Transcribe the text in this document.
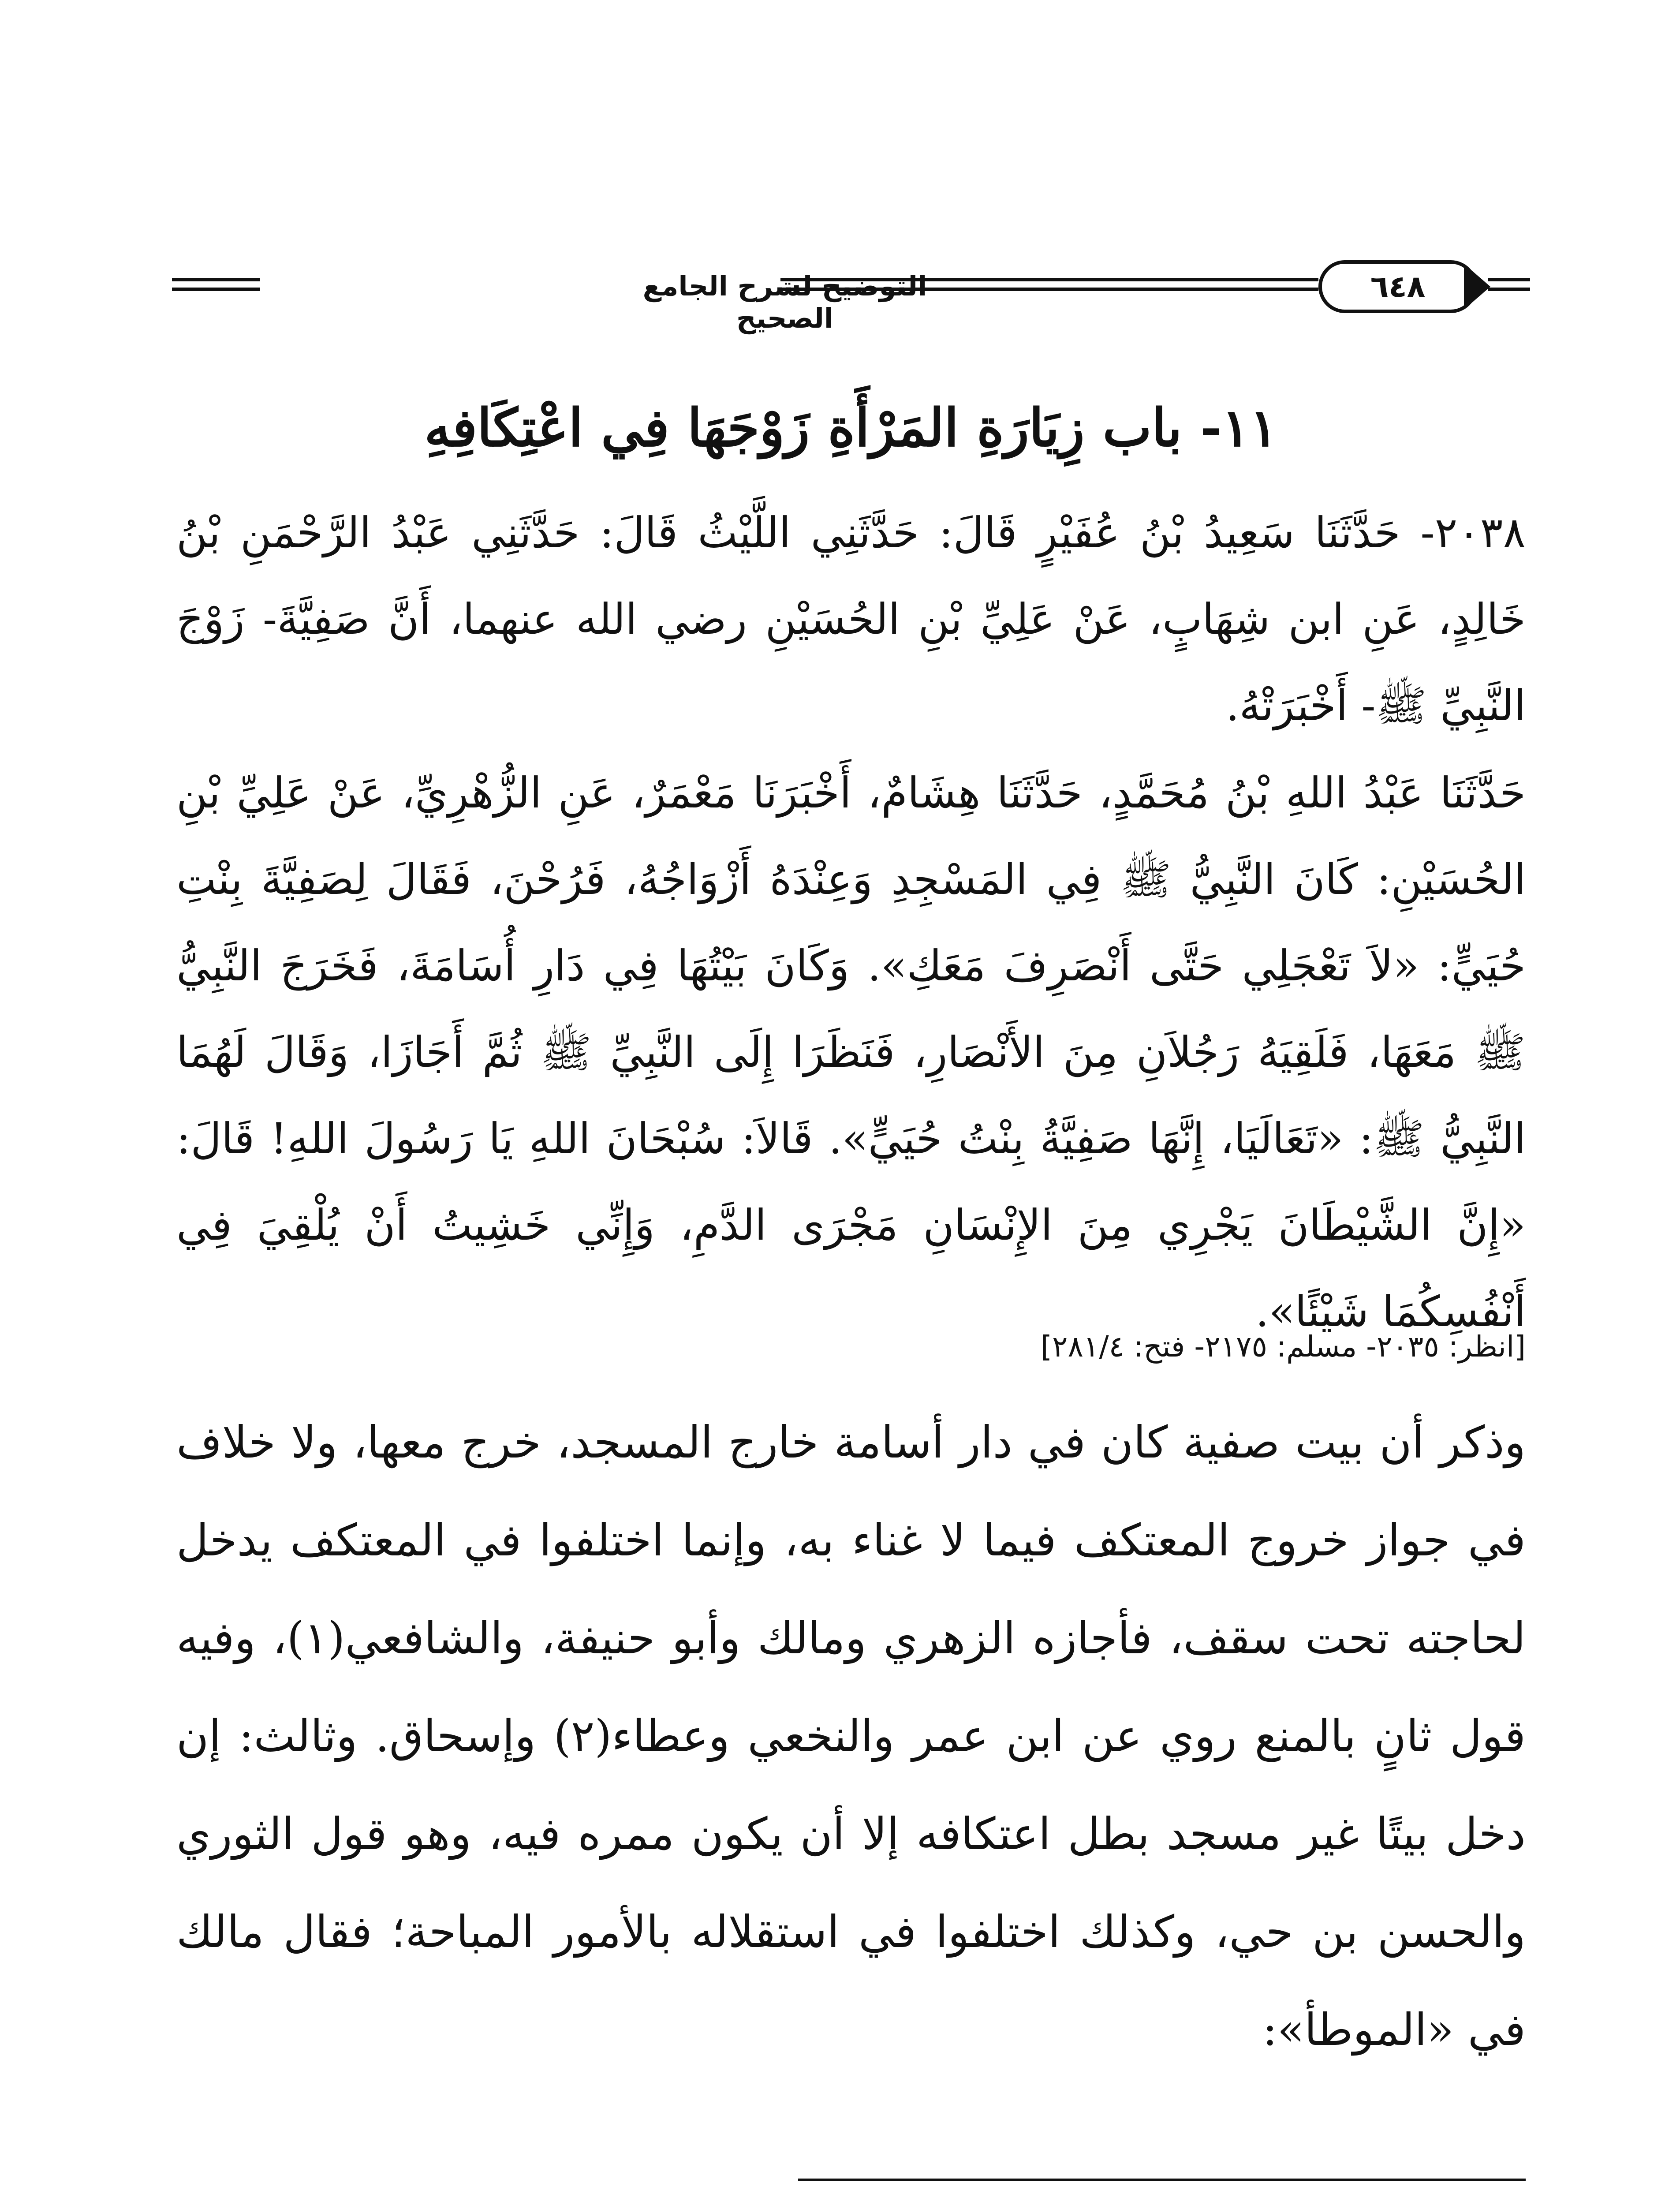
التوضيح لشرح الجامع الصحيح
٦٤٨
١١- باب زِيَارَةِ المَرْأَةِ زَوْجَهَا فِي اعْتِكَافِهِ
٢٠٣٨- حَدَّثَنَا سَعِيدُ بْنُ عُفَيْرٍ قَالَ: حَدَّثَنِي اللَّيْثُ قَالَ: حَدَّثَنِي عَبْدُ الرَّحْمَنِ بْنُ خَالِدٍ، عَنِ ابن شِهَابٍ، عَنْ عَلِيِّ بْنِ الحُسَيْنِ رضي الله عنهما، أَنَّ صَفِيَّةَ- زَوْجَ النَّبِيِّ ﷺ- أَخْبَرَتْهُ.
حَدَّثَنَا عَبْدُ اللهِ بْنُ مُحَمَّدٍ، حَدَّثَنَا هِشَامٌ، أَخْبَرَنَا مَعْمَرٌ، عَنِ الزُّهْرِيِّ، عَنْ عَلِيِّ بْنِ الحُسَيْنِ: كَانَ النَّبِيُّ ﷺ فِي المَسْجِدِ وَعِنْدَهُ أَزْوَاجُهُ، فَرُحْنَ، فَقَالَ لِصَفِيَّةَ بِنْتِ حُيَيٍّ: «لاَ تَعْجَلِي حَتَّى أَنْصَرِفَ مَعَكِ». وَكَانَ بَيْتُهَا فِي دَارِ أُسَامَةَ، فَخَرَجَ النَّبِيُّ ﷺ مَعَهَا، فَلَقِيَهُ رَجُلاَنِ مِنَ الأَنْصَارِ، فَنَظَرَا إِلَى النَّبِيِّ ﷺ ثُمَّ أَجَازَا، وَقَالَ لَهُمَا النَّبِيُّ ﷺ: «تَعَالَيَا، إِنَّهَا صَفِيَّةُ بِنْتُ حُيَيٍّ». قَالاَ: سُبْحَانَ اللهِ يَا رَسُولَ اللهِ! قَالَ: «إِنَّ الشَّيْطَانَ يَجْرِي مِنَ الإِنْسَانِ مَجْرَى الدَّمِ، وَإِنِّي خَشِيتُ أَنْ يُلْقِيَ فِي أَنْفُسِكُمَا شَيْئًا».
[انظر: ٢٠٣٥- مسلم: ٢١٧٥- فتح: ٢٨١/٤]
وذكر أن بيت صفية كان في دار أسامة خارج المسجد، خرج معها، ولا خلاف في جواز خروج المعتكف فيما لا غناء به، وإنما اختلفوا في المعتكف يدخل لحاجته تحت سقف، فأجازه الزهري ومالك وأبو حنيفة، والشافعي(١)، وفيه قول ثانٍ بالمنع روي عن ابن عمر والنخعي وعطاء(٢) وإسحاق. وثالث: إن دخل بيتًا غير مسجد بطل اعتكافه إلا أن يكون ممره فيه، وهو قول الثوري والحسن بن حي، وكذلك اختلفوا في استقلاله بالأمور المباحة؛ فقال مالك في «الموطأ»:
